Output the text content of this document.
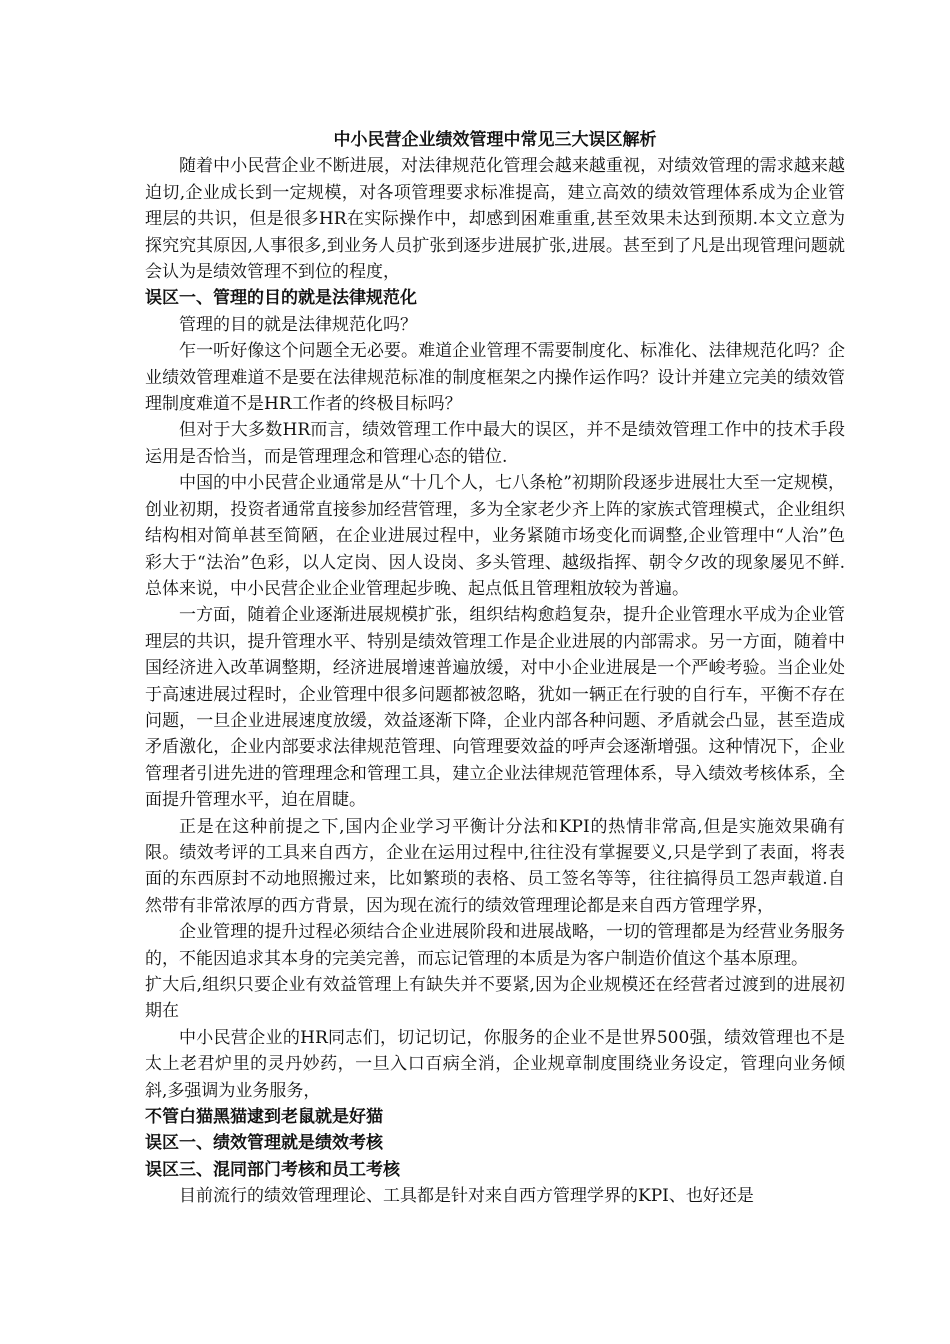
中小民营企业绩效管理中常见三大误区解析

随着中小民营企业不断进展，对法律规范化管理会越来越重视，对绩效管理的需求越来越迫切,企业成长到一定规模，对各项管理要求标准提高，建立高效的绩效管理体系成为企业管理层的共识，但是很多HR在实际操作中，却感到困难重重,甚至效果未达到预期.本文立意为探究究其原因,人事很多,到业务人员扩张到逐步进展扩张,进展。甚至到了凡是出现管理问题就会认为是绩效管理不到位的程度，

误区一、管理的目的就是法律规范化

管理的目的就是法律规范化吗？

乍一听好像这个问题全无必要。难道企业管理不需要制度化、标准化、法律规范化吗？企业绩效管理难道不是要在法律规范标准的制度框架之内操作运作吗？设计并建立完美的绩效管理制度难道不是HR工作者的终极目标吗？

但对于大多数HR而言，绩效管理工作中最大的误区，并不是绩效管理工作中的技术手段运用是否恰当，而是管理理念和管理心态的错位.

中国的中小民营企业通常是从“十几个人，七八条枪”初期阶段逐步进展壮大至一定规模，创业初期，投资者通常直接参加经营管理，多为全家老少齐上阵的家族式管理模式，企业组织结构相对简单甚至简陋，在企业进展过程中，业务紧随市场变化而调整,企业管理中“人治”色彩大于“法治”色彩，以人定岗、因人设岗、多头管理、越级指挥、朝令夕改的现象屡见不鲜.总体来说，中小民营企业企业管理起步晚、起点低且管理粗放较为普遍。

一方面，随着企业逐渐进展规模扩张，组织结构愈趋复杂，提升企业管理水平成为企业管理层的共识，提升管理水平、特别是绩效管理工作是企业进展的内部需求。另一方面，随着中国经济进入改革调整期，经济进展增速普遍放缓，对中小企业进展是一个严峻考验。当企业处于高速进展过程时，企业管理中很多问题都被忽略，犹如一辆正在行驶的自行车，平衡不存在问题，一旦企业进展速度放缓，效益逐渐下降，企业内部各种问题、矛盾就会凸显，甚至造成矛盾激化，企业内部要求法律规范管理、向管理要效益的呼声会逐渐增强。这种情况下，企业管理者引进先进的管理理念和管理工具，建立企业法律规范管理体系，导入绩效考核体系，全面提升管理水平，迫在眉睫。

正是在这种前提之下,国内企业学习平衡计分法和KPI的热情非常高,但是实施效果确有限。绩效考评的工具来自西方，企业在运用过程中,往往没有掌握要义,只是学到了表面，将表面的东西原封不动地照搬过来，比如繁琐的表格、员工签名等等，往往搞得员工怨声载道.自然带有非常浓厚的西方背景，因为现在流行的绩效管理理论都是来自西方管理学界，

企业管理的提升过程必须结合企业进展阶段和进展战略，一切的管理都是为经营业务服务的，不能因追求其本身的完美完善，而忘记管理的本质是为客户制造价值这个基本原理。

扩大后,组织只要企业有效益管理上有缺失并不要紧,因为企业规模还在经营者过渡到的进展初期在

中小民营企业的HR同志们，切记切记，你服务的企业不是世界500强，绩效管理也不是太上老君炉里的灵丹妙药，一旦入口百病全消，企业规章制度围绕业务设定，管理向业务倾斜,多强调为业务服务，

不管白猫黑猫逮到老鼠就是好猫

误区一、绩效管理就是绩效考核

误区三、混同部门考核和员工考核

目前流行的绩效管理理论、工具都是针对来自西方管理学界的KPI、也好还是
